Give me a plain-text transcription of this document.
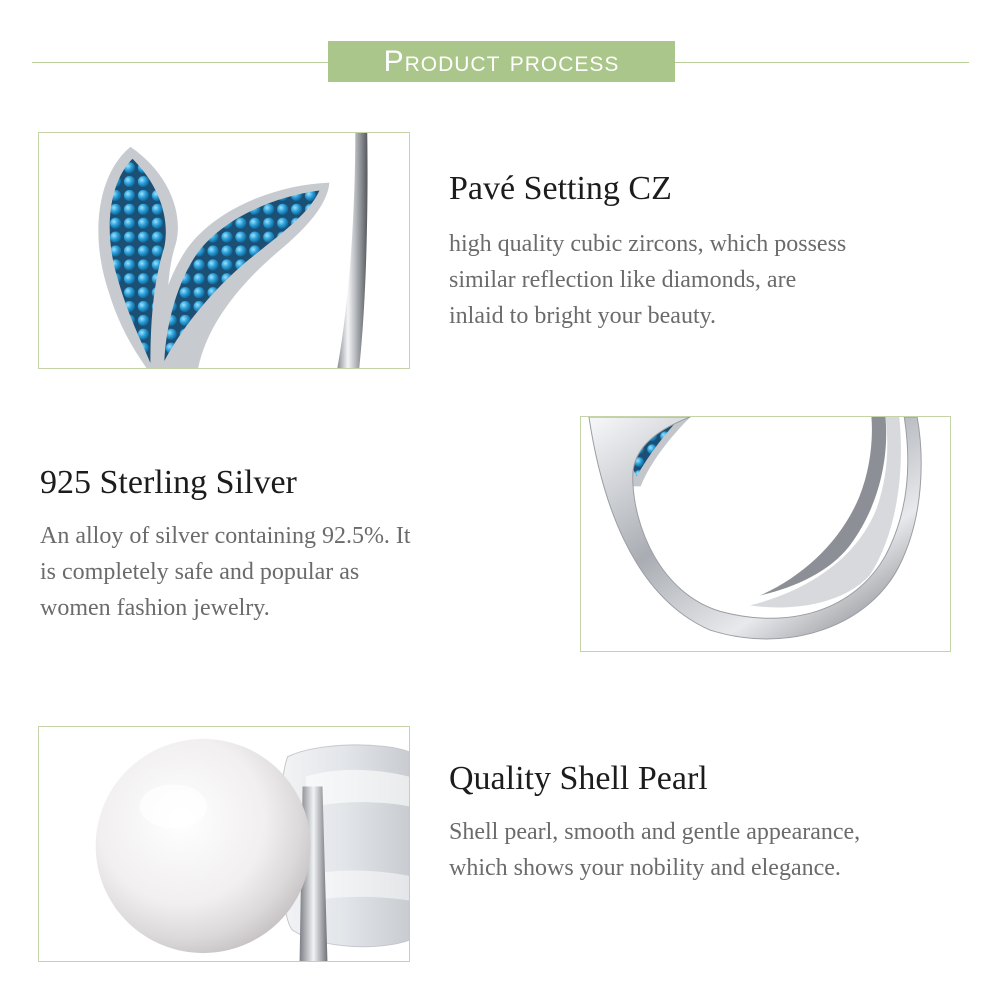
Product process
Pavé Setting CZ

high quality cubic zircons, which possess
similar reflection like diamonds, are
inlaid to bright your beauty.

925 Sterling Silver

An alloy of silver containing 92.5%. It
is completely safe and popular as
women fashion jewelry.

Quality Shell Pearl

Shell pearl, smooth and gentle appearance,
which shows your nobility and elegance.
